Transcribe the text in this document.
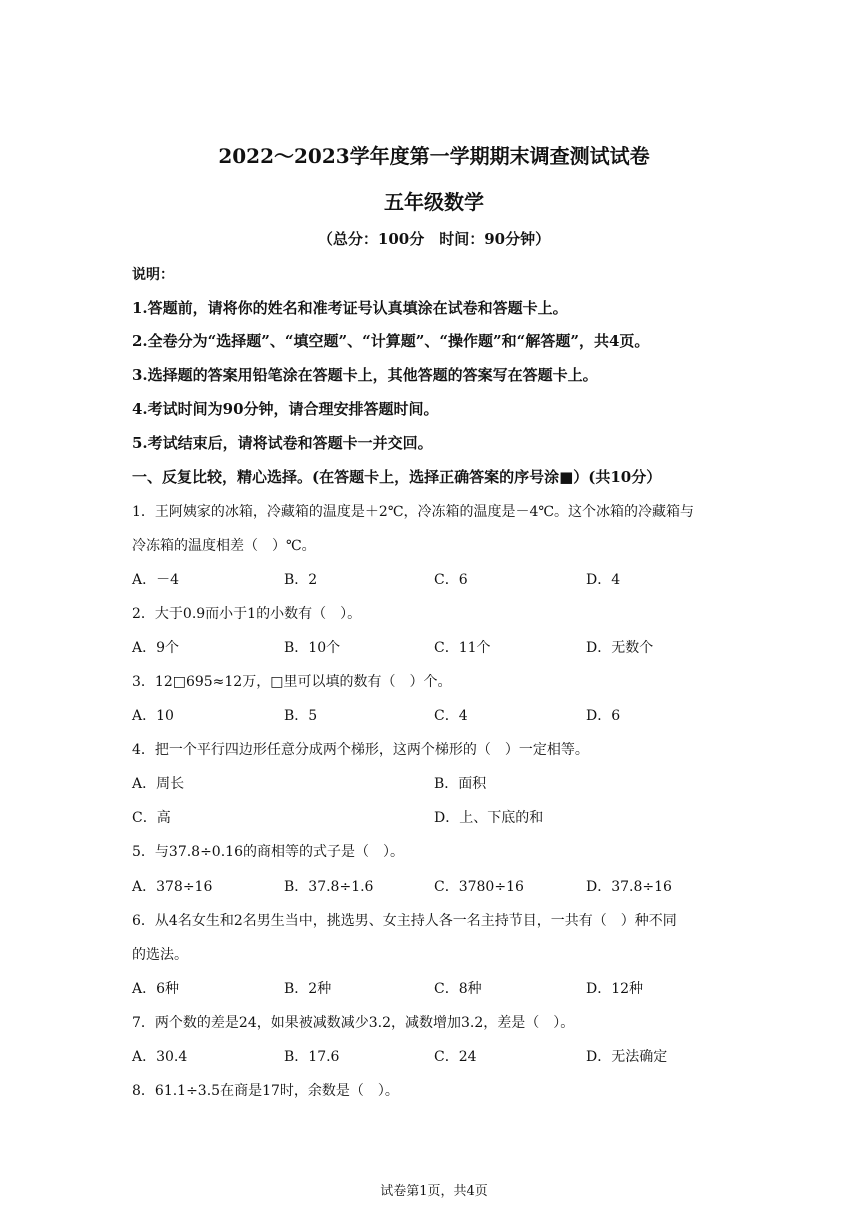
2022～2023学年度第一学期期末调查测试试卷
五年级数学
（总分：100分　时间：90分钟）
说明：
1.答题前，请将你的姓名和准考证号认真填涂在试卷和答题卡上。
2.全卷分为“选择题”、“填空题”、“计算题”、“操作题”和“解答题”，共4页。
3.选择题的答案用铅笔涂在答题卡上，其他答题的答案写在答题卡上。
4.考试时间为90分钟，请合理安排答题时间。
5.考试结束后，请将试卷和答题卡一并交回。
一、反复比较，精心选择。(在答题卡上，选择正确答案的序号涂■）(共10分）
1．王阿姨家的冰箱，冷藏箱的温度是＋2℃，冷冻箱的温度是－4℃。这个冰箱的冷藏箱与
冷冻箱的温度相差（　）℃。
A．－4	B．2	C．6	D．4
2．大于0.9而小于1的小数有（　）。
A．9个	B．10个	C．11个	D．无数个
3．12□695≈12万，□里可以填的数有（　）个。
A．10	B．5	C．4	D．6
4．把一个平行四边形任意分成两个梯形，这两个梯形的（　）一定相等。
A．周长	B．面积
C．高	D．上、下底的和
5．与37.8÷0.16的商相等的式子是（　）。
A．378÷16	B．37.8÷1.6	C．3780÷16	D．37.8÷16
6．从4名女生和2名男生当中，挑选男、女主持人各一名主持节目，一共有（　）种不同
的选法。
A．6种	B．2种	C．8种	D．12种
7．两个数的差是24，如果被减数减少3.2，减数增加3.2，差是（　）。
A．30.4	B．17.6	C．24	D．无法确定
8．61.1÷3.5在商是17时，余数是（　）。
试卷第1页，共4页
